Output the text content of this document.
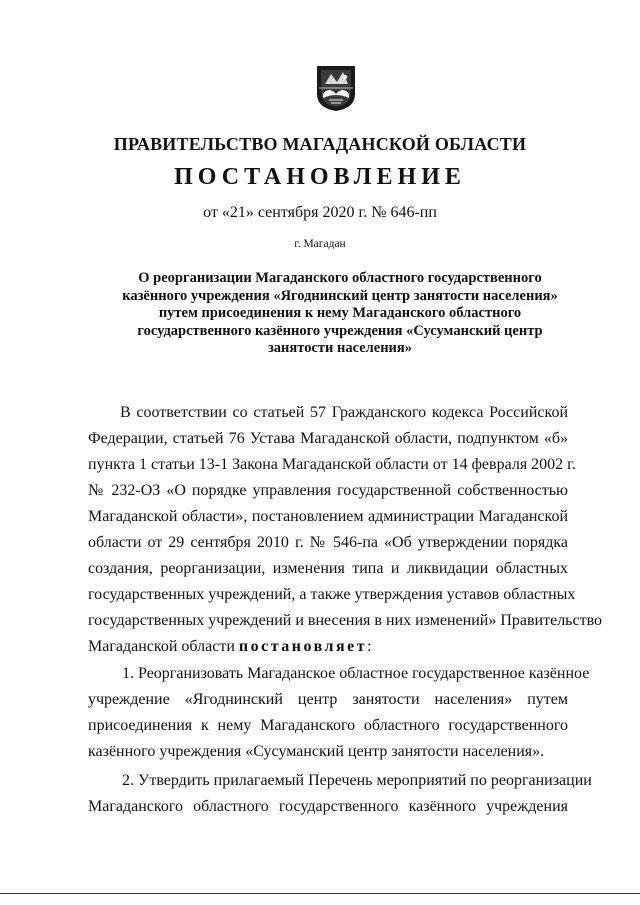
ПРАВИТЕЛЬСТВО МАГАДАНСКОЙ ОБЛАСТИ
ПОСТАНОВЛЕНИЕ
от «21» сентября 2020 г. № 646-пп
г. Магадан
О реорганизации Магаданского областного государственного
казённого учреждения «Ягоднинский центр занятости населения»
путем присоединения к нему Магаданского областного
государственного казённого учреждения «Сусуманский центр
занятости населения»
В соответствии со статьей 57 Гражданского кодекса Российской
Федерации, статьей 76 Устава Магаданской области, подпунктом «б»
пункта 1 статьи 13-1 Закона Магаданской области от 14 февраля 2002 г.
№ 232-ОЗ «О порядке управления государственной собственностью
Магаданской области», постановлением администрации Магаданской
области от 29 сентября 2010 г. № 546-па «Об утверждении порядка
создания, реорганизации, изменения типа и ликвидации областных
государственных учреждений, а также утверждения уставов областных
государственных учреждений и внесения в них изменений» Правительство
Магаданской области постановляет:
1. Реорганизовать Магаданское областное государственное казённое
учреждение «Ягоднинский центр занятости населения» путем
присоединения к нему Магаданского областного государственного
казённого учреждения «Сусуманский центр занятости населения».
2. Утвердить прилагаемый Перечень мероприятий по реорганизации
Магаданского областного государственного казённого учреждения
